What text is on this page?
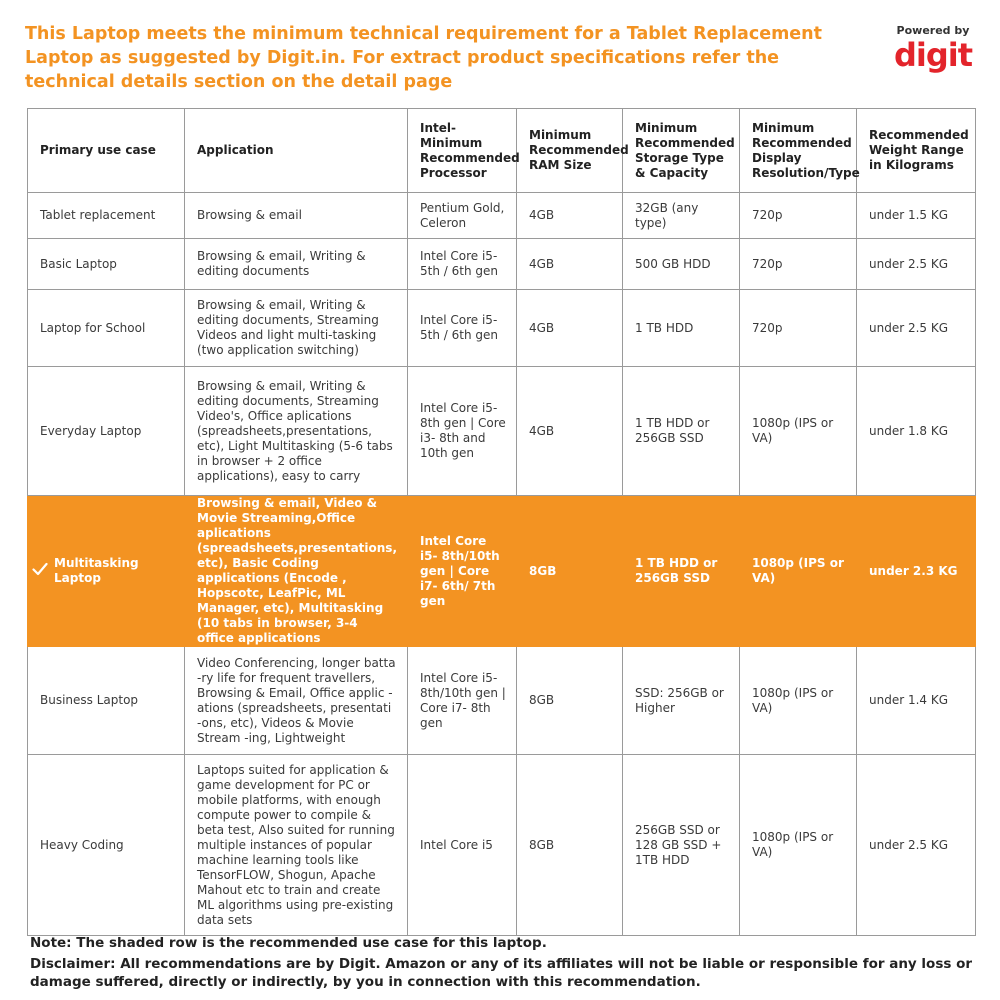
This Laptop meets the minimum technical requirement for a Tablet Replacement Laptop as suggested by Digit.in. For extract product specifications refer the technical details section on the detail page
Powered by
digit
Primary use case	Application	Intel-Minimum Recommended Processor	Minimum Recommended RAM Size	Minimum Recommended Storage Type & Capacity	Minimum Recommended Display Resolution/Type	Recommended Weight Range in Kilograms
Tablet replacement	Browsing & email	Pentium Gold, Celeron	4GB	32GB (any type)	720p	under 1.5 KG
Basic Laptop	Browsing & email, Writing & editing documents	Intel Core i5- 5th / 6th gen	4GB	500 GB HDD	720p	under 2.5 KG
Laptop for School	Browsing & email, Writing & editing documents, Streaming Videos and light multi-tasking (two application switching)	Intel Core i5- 5th / 6th gen	4GB	1 TB HDD	720p	under 2.5 KG
Everyday Laptop	Browsing & email, Writing & editing documents, Streaming Video's, Office aplications (spreadsheets,presentations, etc), Light Multitasking (5-6 tabs in browser + 2 office applications), easy to carry	Intel Core i5- 8th gen | Core i3- 8th and 10th gen	4GB	1 TB HDD or 256GB SSD	1080p (IPS or VA)	under 1.8 KG

Multitasking Laptop	Browsing & email, Video & Movie Streaming,Office aplications (spreadsheets,presentations, etc), Basic Coding applications (Encode , Hopscotc, LeafPic, ML Manager, etc), Multitasking (10 tabs in browser, 3-4 office applications	Intel Core i5- 8th/10th gen | Core i7- 6th/ 7th gen	8GB	1 TB HDD or 256GB SSD	1080p (IPS or VA)	under 2.3 KG
Business Laptop	Video Conferencing, longer batta -ry life for frequent travellers, Browsing & Email, Office applic -ations (spreadsheets, presentati -ons, etc), Videos & Movie Stream -ing, Lightweight	Intel Core i5- 8th/10th gen | Core i7- 8th gen	8GB	SSD: 256GB or Higher	1080p (IPS or VA)	under 1.4 KG
Heavy Coding	Laptops suited for application & game development for PC or mobile platforms, with enough compute power to compile & beta test, Also suited for running multiple instances of popular machine learning tools like TensorFLOW, Shogun, Apache Mahout etc to train and create ML algorithms using pre-existing data sets	Intel Core i5	8GB	256GB SSD or 128 GB SSD + 1TB HDD	1080p (IPS or VA)	under 2.5 KG

Note: The shaded row is the recommended use case for this laptop.

Disclaimer: All recommendations are by Digit. Amazon or any of its affiliates will not be liable or responsible for any loss or damage suffered, directly or indirectly, by you in connection with this recommendation.
